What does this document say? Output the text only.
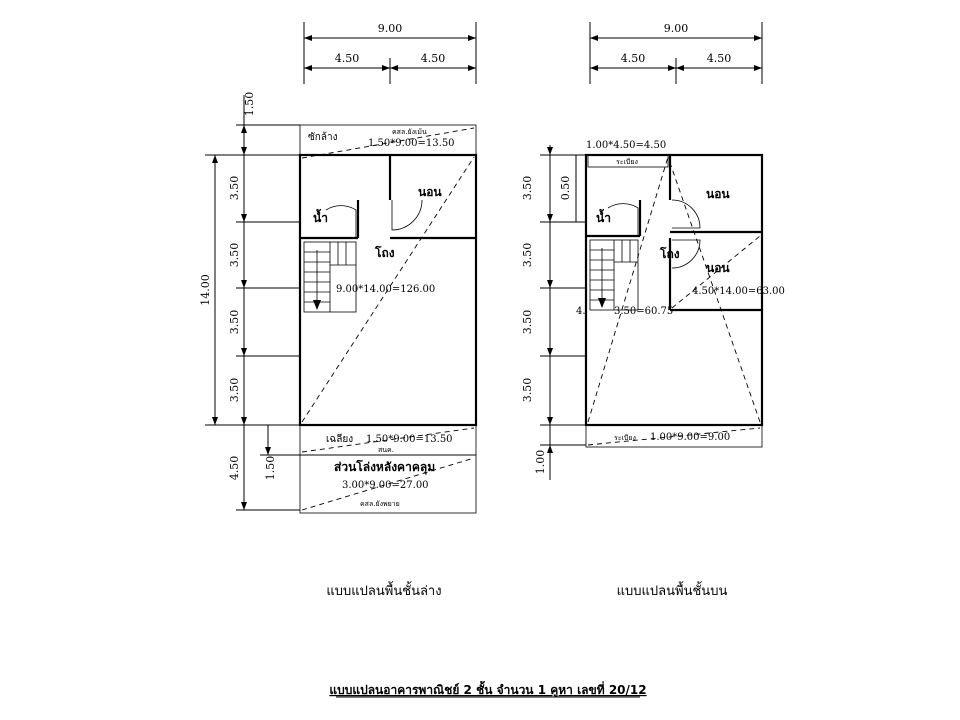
9.00
4.50	4.50
1.50
14.00
3.50
3.50
3.50
3.50
4.50 1.50
ซักล้าง
1.50*9.00=13.50
คสล.ยังเม้น
นอน
น้ำ
โถง
9.00*14.00=126.00
เฉลียง 1.50*9.00=13.50
สนค.
ส่วนโล่งหลังคาคลุม
3.00*9.00=27.00
คสล.ยังพยาย
แบบแปลนพื้นชั้นล่าง
9.00
4.50	4.50
3.50 0.50
3.50
3.50
3.50
1.00
1.00*4.50=4.50
ระเบียง
นอน
นอน
น้ำ
โถง
4.50*14.00=63.00
4.	3.50=60.75
ระเบียง 1.00*9.00=9.00
แบบแปลนพื้นชั้นบน
แบบแปลนอาคารพาณิชย์ 2 ชั้น จำนวน 1 คูหา เลขที่ 20/12
